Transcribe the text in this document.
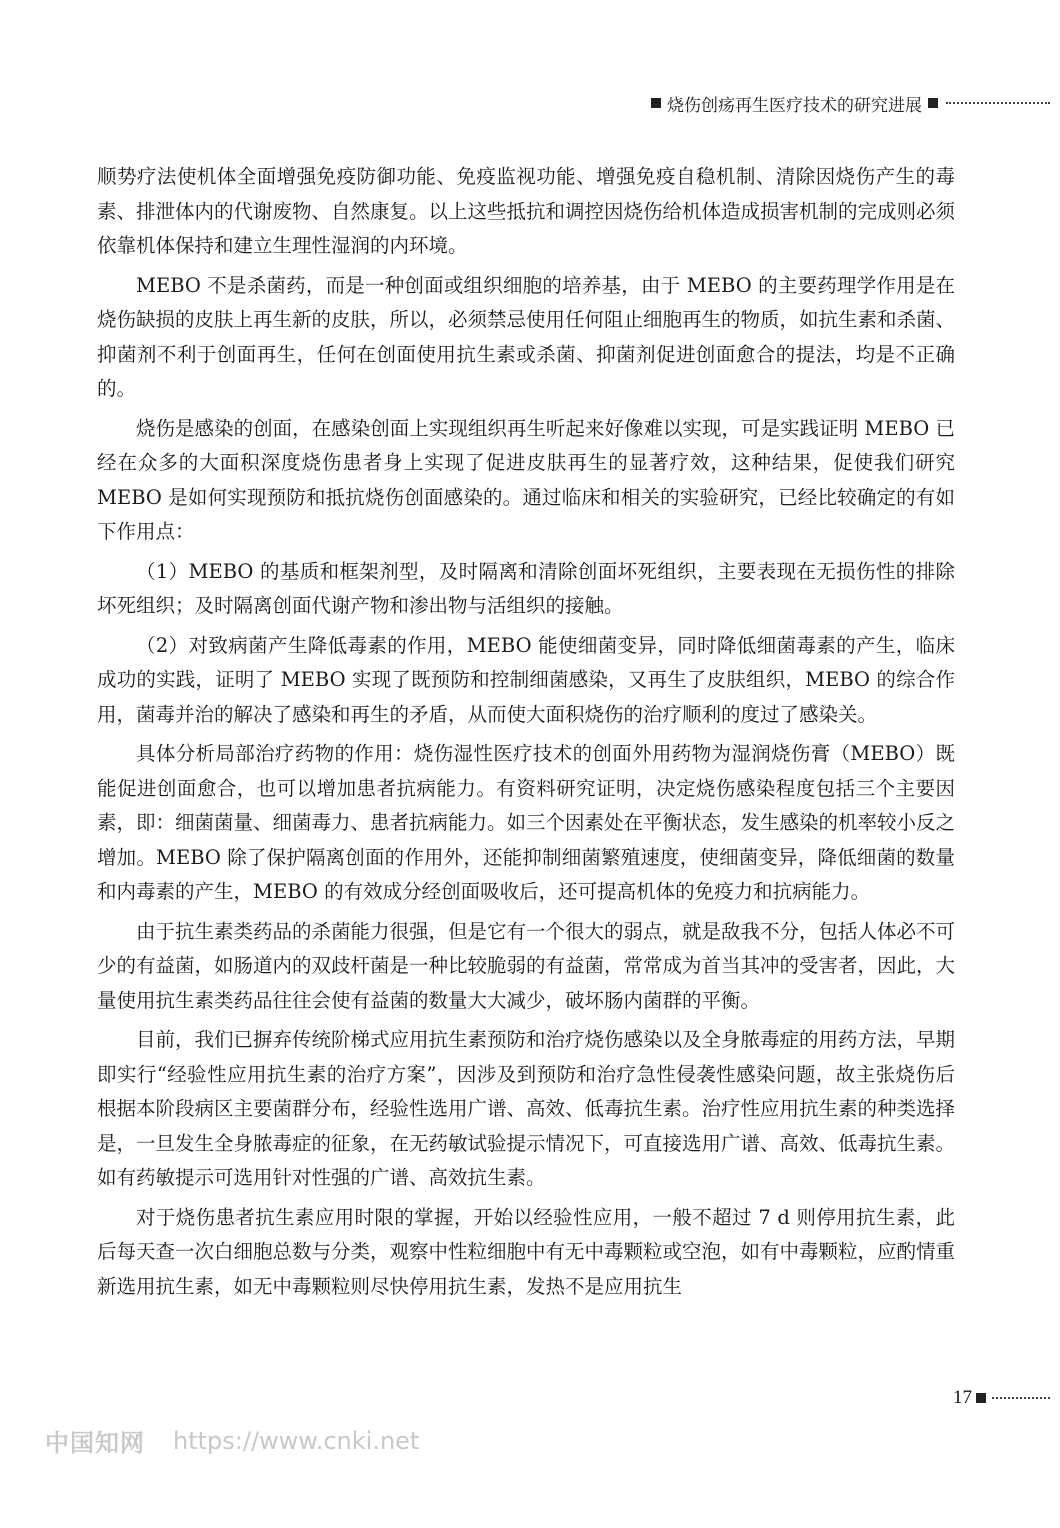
烧伤创疡再生医疗技术的研究进展

顺势疗法使机体全面增强免疫防御功能、免疫监视功能、增强免疫自稳机制、清除因烧伤产生的毒素、排泄体内的代谢废物、自然康复。以上这些抵抗和调控因烧伤给机体造成损害机制的完成则必须依靠机体保持和建立生理性湿润的内环境。

MEBO 不是杀菌药，而是一种创面或组织细胞的培养基，由于 MEBO 的主要药理学作用是在烧伤缺损的皮肤上再生新的皮肤，所以，必须禁忌使用任何阻止细胞再生的物质，如抗生素和杀菌、抑菌剂不利于创面再生，任何在创面使用抗生素或杀菌、抑菌剂促进创面愈合的提法，均是不正确的。

烧伤是感染的创面，在感染创面上实现组织再生听起来好像难以实现，可是实践证明 MEBO 已经在众多的大面积深度烧伤患者身上实现了促进皮肤再生的显著疗效，这种结果，促使我们研究 MEBO 是如何实现预防和抵抗烧伤创面感染的。通过临床和相关的实验研究，已经比较确定的有如下作用点：

（1）MEBO 的基质和框架剂型，及时隔离和清除创面坏死组织，主要表现在无损伤性的排除坏死组织；及时隔离创面代谢产物和渗出物与活组织的接触。

（2）对致病菌产生降低毒素的作用，MEBO 能使细菌变异，同时降低细菌毒素的产生，临床成功的实践，证明了 MEBO 实现了既预防和控制细菌感染，又再生了皮肤组织，MEBO 的综合作用，菌毒并治的解决了感染和再生的矛盾，从而使大面积烧伤的治疗顺利的度过了感染关。

具体分析局部治疗药物的作用：烧伤湿性医疗技术的创面外用药物为湿润烧伤膏（MEBO）既能促进创面愈合，也可以增加患者抗病能力。有资料研究证明，决定烧伤感染程度包括三个主要因素，即：细菌菌量、细菌毒力、患者抗病能力。如三个因素处在平衡状态，发生感染的机率较小反之增加。MEBO 除了保护隔离创面的作用外，还能抑制细菌繁殖速度，使细菌变异，降低细菌的数量和内毒素的产生，MEBO 的有效成分经创面吸收后，还可提高机体的免疫力和抗病能力。

由于抗生素类药品的杀菌能力很强，但是它有一个很大的弱点，就是敌我不分，包括人体必不可少的有益菌，如肠道内的双歧杆菌是一种比较脆弱的有益菌，常常成为首当其冲的受害者，因此，大量使用抗生素类药品往往会使有益菌的数量大大减少，破坏肠内菌群的平衡。

目前，我们已摒弃传统阶梯式应用抗生素预防和治疗烧伤感染以及全身脓毒症的用药方法，早期即实行“经验性应用抗生素的治疗方案”，因涉及到预防和治疗急性侵袭性感染问题，故主张烧伤后根据本阶段病区主要菌群分布，经验性选用广谱、高效、低毒抗生素。治疗性应用抗生素的种类选择是，一旦发生全身脓毒症的征象，在无药敏试验提示情况下，可直接选用广谱、高效、低毒抗生素。如有药敏提示可选用针对性强的广谱、高效抗生素。

对于烧伤患者抗生素应用时限的掌握，开始以经验性应用，一般不超过 7 d 则停用抗生素，此后每天查一次白细胞总数与分类，观察中性粒细胞中有无中毒颗粒或空泡，如有中毒颗粒，应酌情重新选用抗生素，如无中毒颗粒则尽快停用抗生素，发热不是应用抗生

17
中国知网 https://www.cnki.net
